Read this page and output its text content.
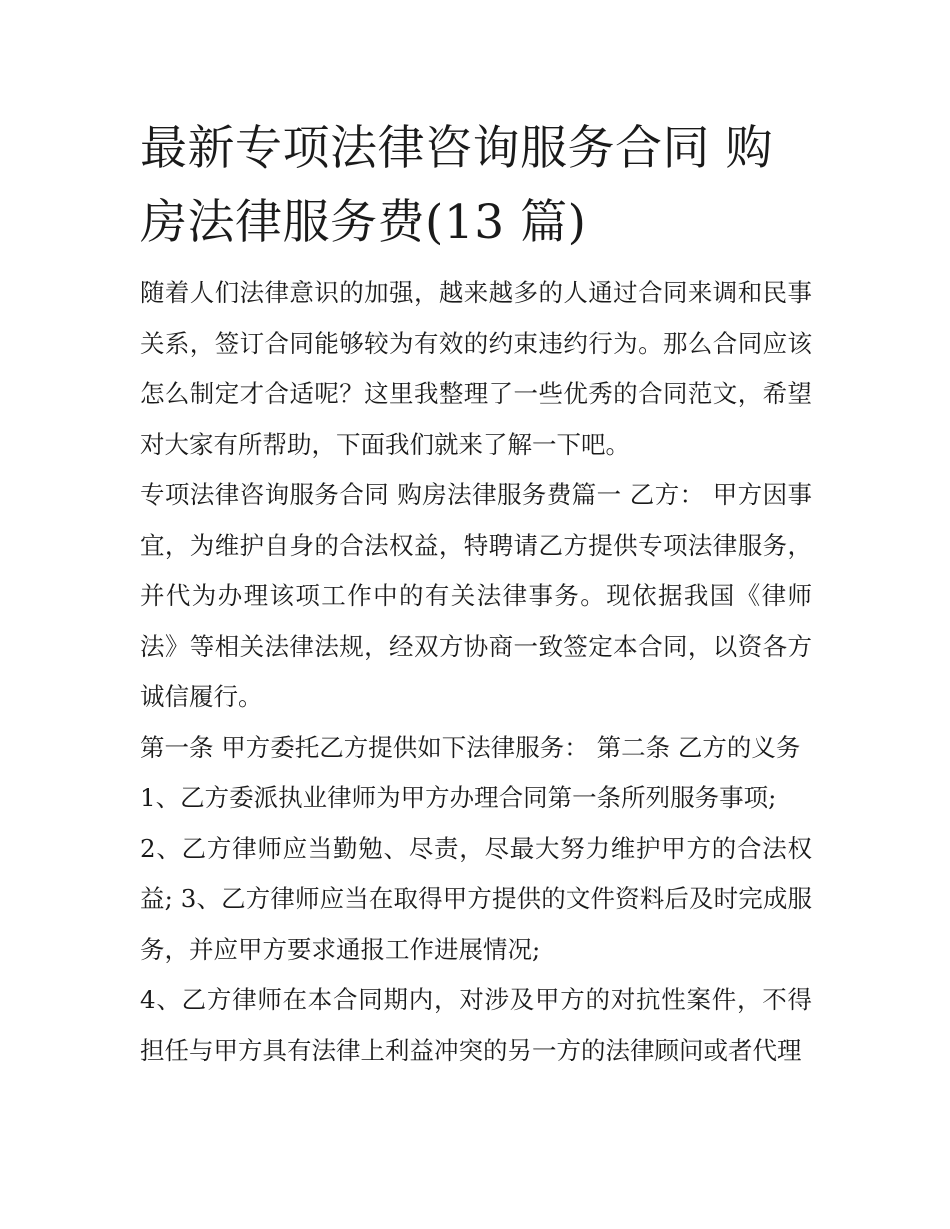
最新专项法律咨询服务合同 购房法律服务费(13 篇)

随着人们法律意识的加强，越来越多的人通过合同来调和民事关系，签订合同能够较为有效的约束违约行为。那么合同应该怎么制定才合适呢？这里我整理了一些优秀的合同范文，希望对大家有所帮助，下面我们就来了解一下吧。

专项法律咨询服务合同 购房法律服务费篇一 乙方： 甲方因事宜，为维护自身的合法权益，特聘请乙方提供专项法律服务，并代为办理该项工作中的有关法律事务。现依据我国《律师法》等相关法律法规，经双方协商一致签定本合同，以资各方诚信履行。

第一条 甲方委托乙方提供如下法律服务： 第二条 乙方的义务

1、乙方委派执业律师为甲方办理合同第一条所列服务事项;

2、乙方律师应当勤勉、尽责，尽最大努力维护甲方的合法权益; 3、乙方律师应当在取得甲方提供的文件资料后及时完成服务，并应甲方要求通报工作进展情况;

4、乙方律师在本合同期内，对涉及甲方的对抗性案件，不得担任与甲方具有法律上利益冲突的另一方的法律顾问或者代理
